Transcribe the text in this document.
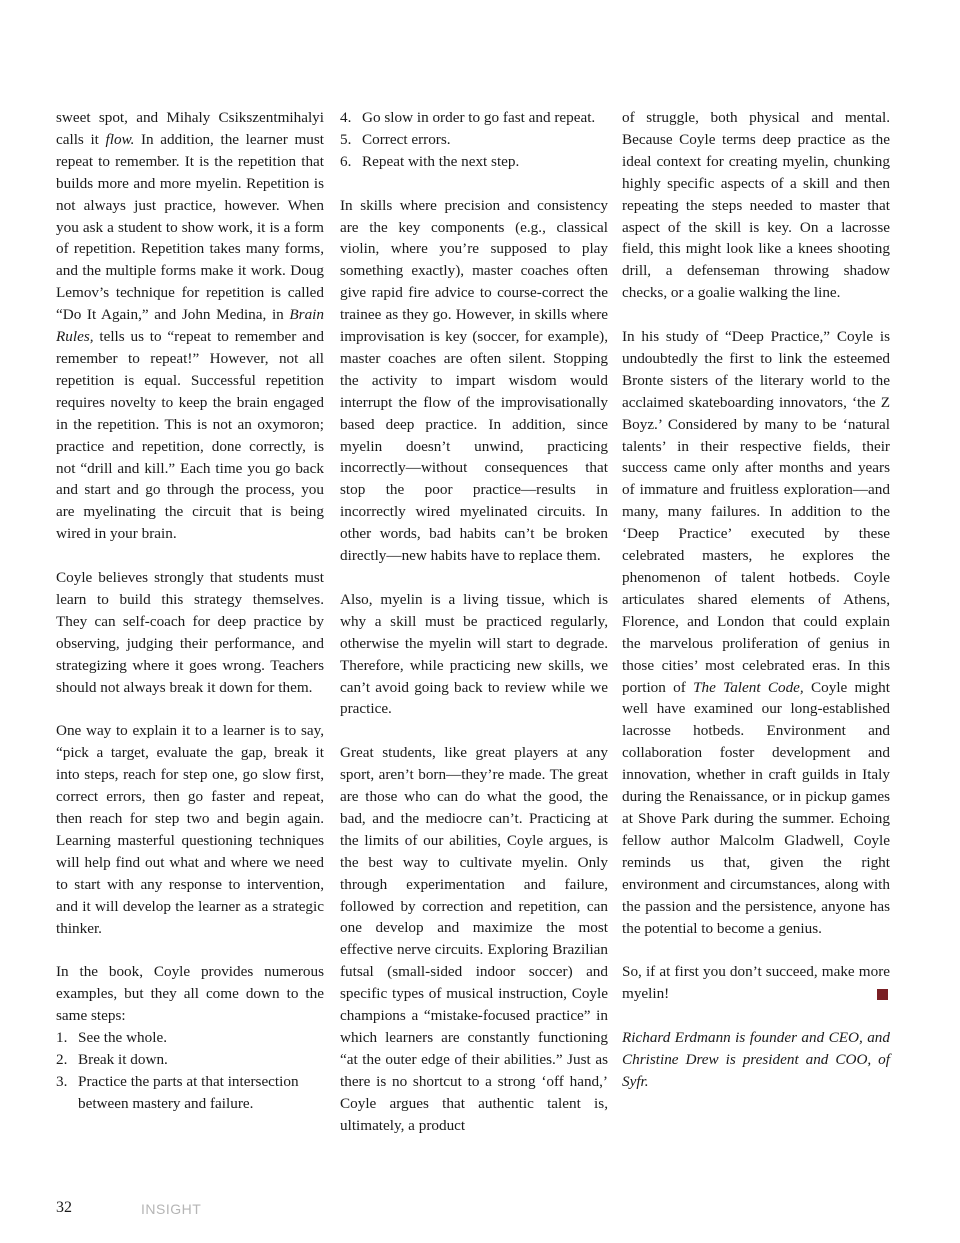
sweet spot, and Mihaly Csikszentmihalyi calls it flow. In addition, the learner must repeat to remember. It is the repetition that builds more and more myelin. Repetition is not always just practice, however. When you ask a student to show work, it is a form of repetition. Repetition takes many forms, and the multiple forms make it work. Doug Lemov’s technique for repetition is called “Do It Again,” and John Medina, in Brain Rules, tells us to “repeat to remember and remember to repeat!” However, not all repetition is equal. Successful repetition requires novelty to keep the brain engaged in the repetition. This is not an oxymoron; practice and repetition, done correctly, is not “drill and kill.” Each time you go back and start and go through the process, you are myelinating the circuit that is being wired in your brain.

Coyle believes strongly that students must learn to build this strategy themselves. They can self-coach for deep practice by observing, judging their performance, and strategizing where it goes wrong. Teachers should not always break it down for them.

One way to explain it to a learner is to say, “pick a target, evaluate the gap, break it into steps, reach for step one, go slow first, correct errors, then go faster and repeat, then reach for step two and begin again. Learning masterful questioning techniques will help find out what and where we need to start with any response to intervention, and it will develop the learner as a strategic thinker.

In the book, Coyle provides numerous examples, but they all come down to the same steps:

1. See the whole.
2. Break it down.
3. Practice the parts at that intersection between mastery and failure.
4. Go slow in order to go fast and repeat.
5. Correct errors.
6. Repeat with the next step.

In skills where precision and consistency are the key components (e.g., classical violin, where you’re supposed to play something exactly), master coaches often give rapid fire advice to course-correct the trainee as they go. However, in skills where improvisation is key (soccer, for example), master coaches are often silent. Stopping the activity to impart wisdom would interrupt the flow of the improvisationally based deep practice. In addition, since myelin doesn’t unwind, practicing incorrectly—without consequences that stop the poor practice—results in incorrectly wired myelinated circuits. In other words, bad habits can’t be broken directly—new habits have to replace them.

Also, myelin is a living tissue, which is why a skill must be practiced regularly, otherwise the myelin will start to degrade. Therefore, while practicing new skills, we can’t avoid going back to review while we practice.

Great students, like great players at any sport, aren’t born—they’re made. The great are those who can do what the good, the bad, and the mediocre can’t. Practicing at the limits of our abilities, Coyle argues, is the best way to cultivate myelin. Only through experimentation and failure, followed by correction and repetition, can one develop and maximize the most effective nerve circuits. Exploring Brazilian futsal (small-sided indoor soccer) and specific types of musical instruction, Coyle champions a “mistake-focused practice” in which learners are constantly functioning “at the outer edge of their abilities.” Just as there is no shortcut to a strong ‘off hand,’ Coyle argues that authentic talent is, ultimately, a product

of struggle, both physical and mental. Because Coyle terms deep practice as the ideal context for creating myelin, chunking highly specific aspects of a skill and then repeating the steps needed to master that aspect of the skill is key. On a lacrosse field, this might look like a knees shooting drill, a defenseman throwing shadow checks, or a goalie walking the line.

In his study of “Deep Practice,” Coyle is undoubtedly the first to link the esteemed Bronte sisters of the literary world to the acclaimed skateboarding innovators, ‘the Z Boyz.’ Considered by many to be ‘natural talents’ in their respective fields, their success came only after months and years of immature and fruitless exploration—and many, many failures. In addition to the ‘Deep Practice’ executed by these celebrated masters, he explores the phenomenon of talent hotbeds. Coyle articulates shared elements of Athens, Florence, and London that could explain the marvelous proliferation of genius in those cities’ most celebrated eras. In this portion of The Talent Code, Coyle might well have examined our long-established lacrosse hotbeds. Environment and collaboration foster development and innovation, whether in craft guilds in Italy during the Renaissance, or in pickup games at Shove Park during the summer. Echoing fellow author Malcolm Gladwell, Coyle reminds us that, given the right environment and circumstances, along with the passion and the persistence, anyone has the potential to become a genius.

So, if at first you don’t succeed, make more myelin!

Richard Erdmann is founder and CEO, and Christine Drew is president and COO, of Syfr.

32	INSIGHT
